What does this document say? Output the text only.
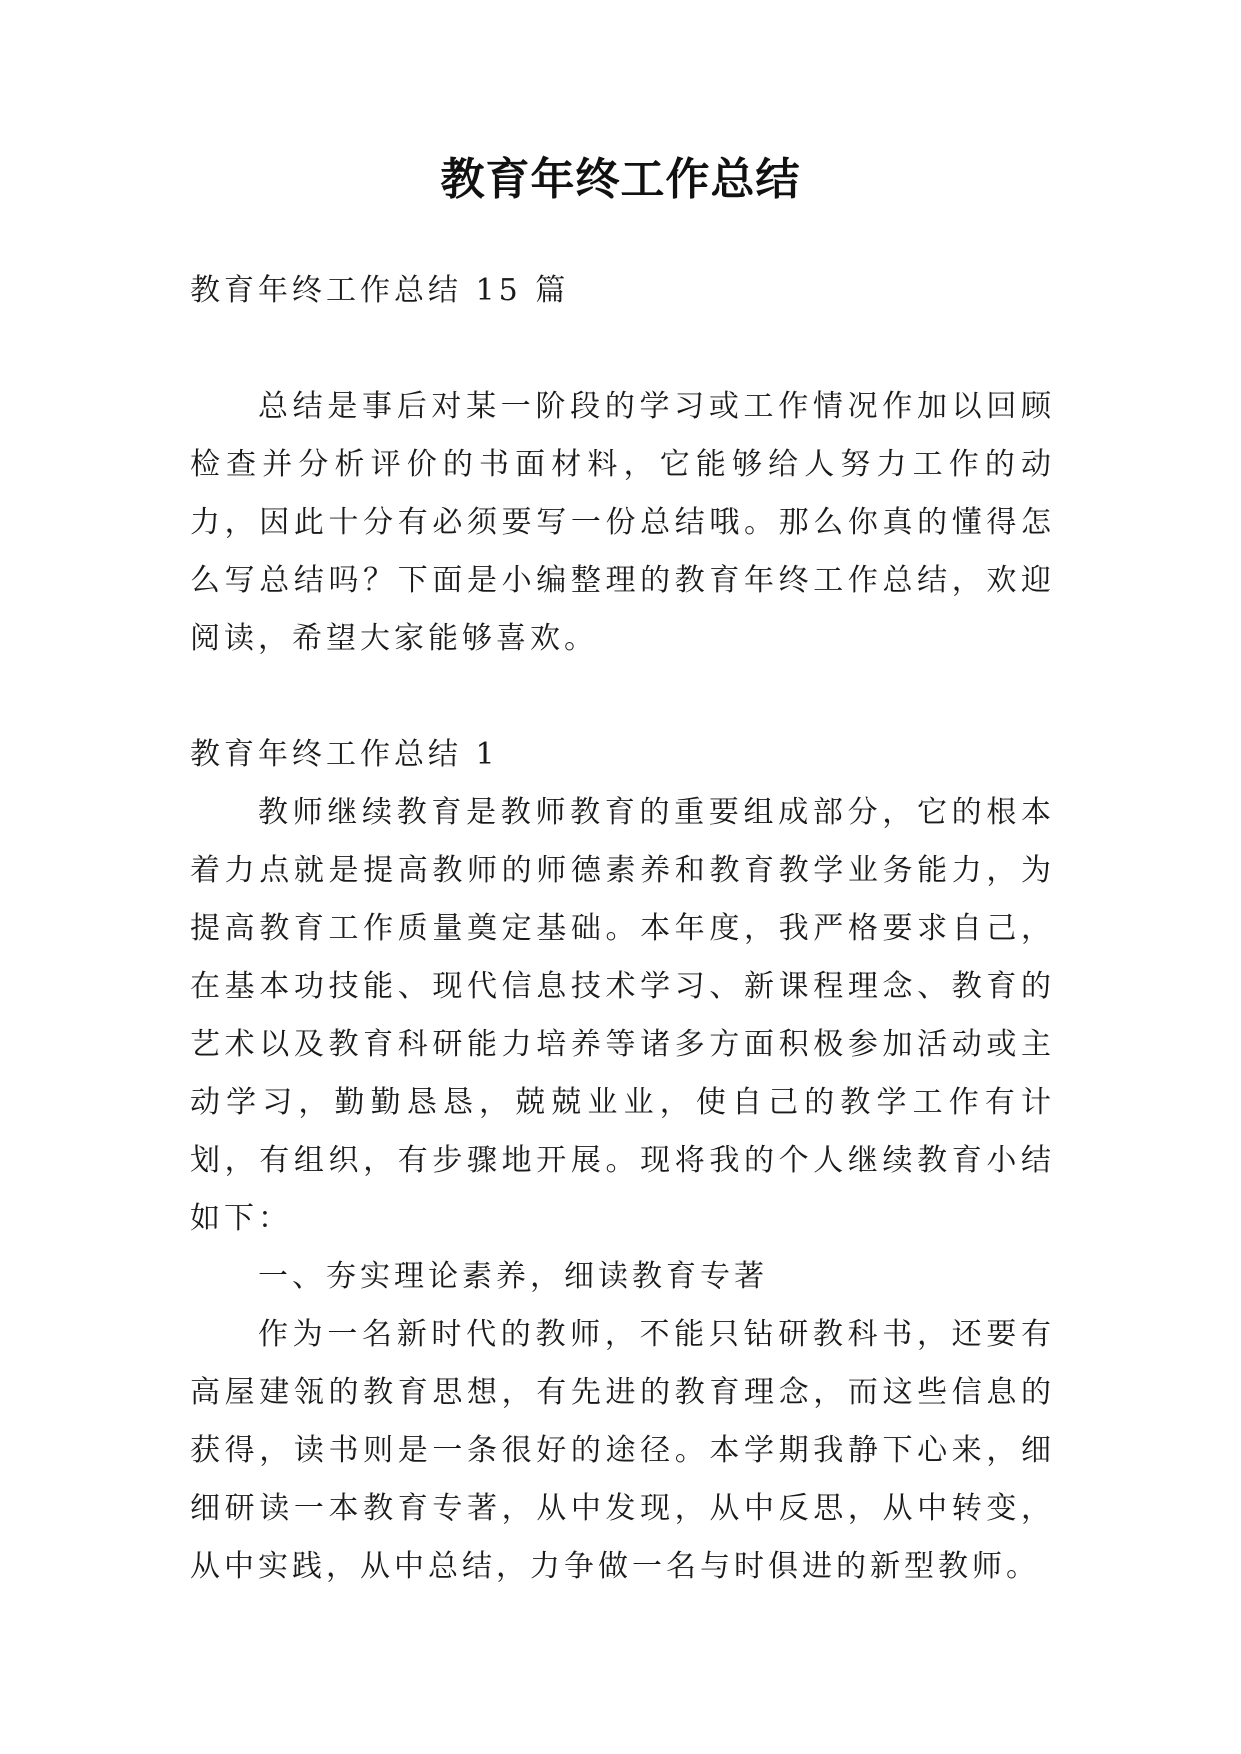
教育年终工作总结

教育年终工作总结 15 篇

总结是事后对某一阶段的学习或工作情况作加以回顾检查并分析评价的书面材料，它能够给人努力工作的动力，因此十分有必须要写一份总结哦。那么你真的懂得怎么写总结吗？下面是小编整理的教育年终工作总结，欢迎阅读，希望大家能够喜欢。

教育年终工作总结 1

教师继续教育是教师教育的重要组成部分，它的根本着力点就是提高教师的师德素养和教育教学业务能力，为提高教育工作质量奠定基础。本年度，我严格要求自己，在基本功技能、现代信息技术学习、新课程理念、教育的艺术以及教育科研能力培养等诸多方面积极参加活动或主动学习，勤勤恳恳，兢兢业业，使自己的教学工作有计划，有组织，有步骤地开展。现将我的个人继续教育小结如下：

一、夯实理论素养，细读教育专著

作为一名新时代的教师，不能只钻研教科书，还要有高屋建瓴的教育思想，有先进的教育理念，而这些信息的获得，读书则是一条很好的途径。本学期我静下心来，细细研读一本教育专著，从中发现，从中反思，从中转变，从中实践，从中总结，力争做一名与时俱进的新型教师。
